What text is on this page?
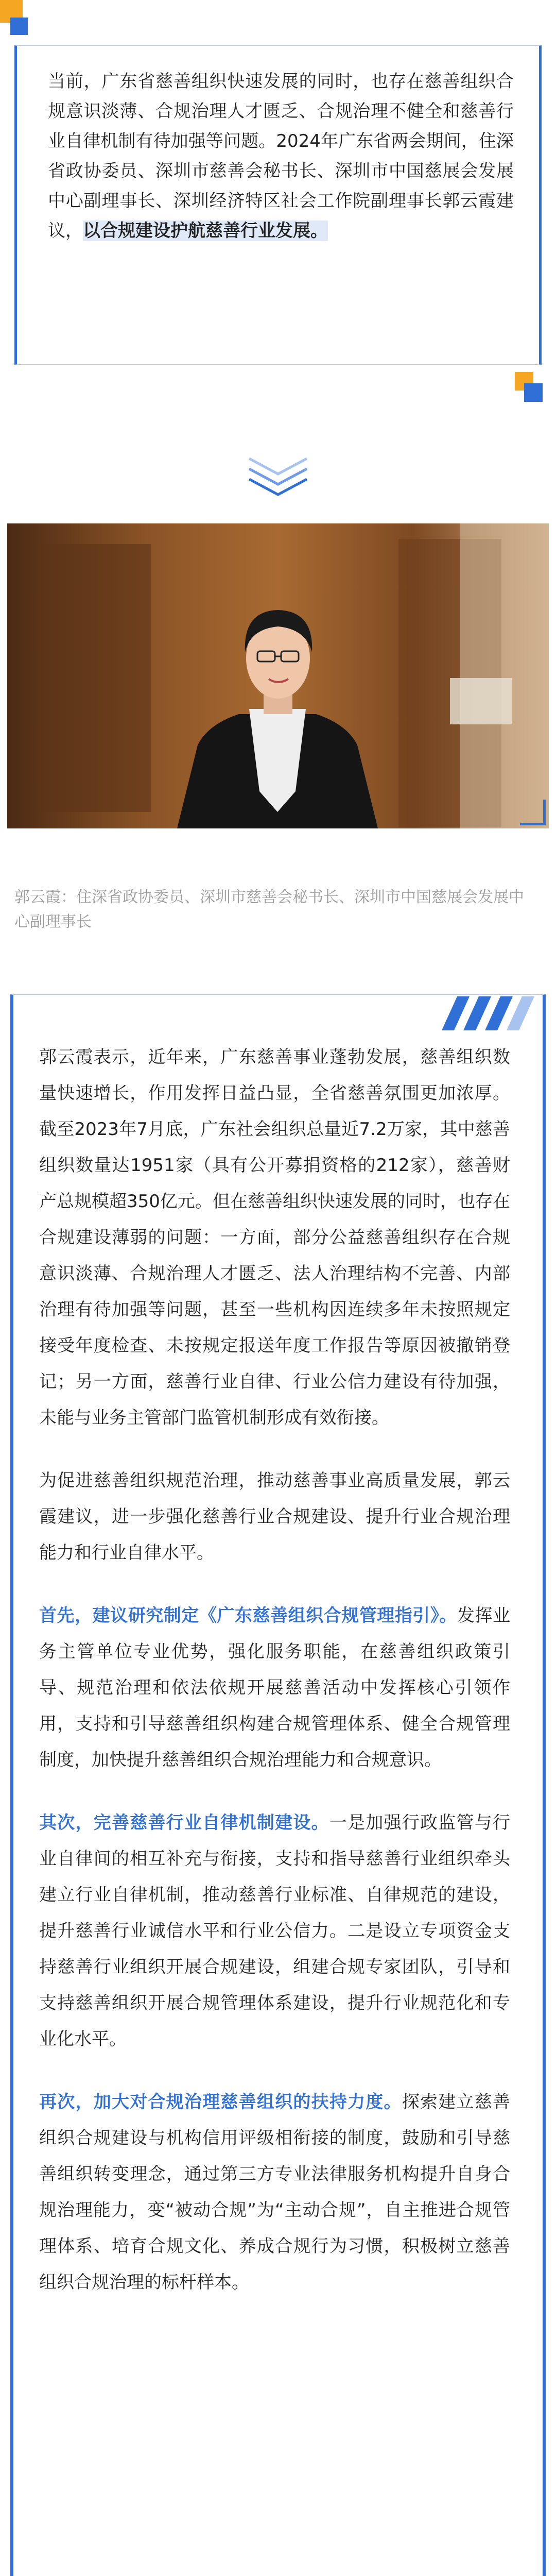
当前，广东省慈善组织快速发展的同时，也存在慈善组织合规意识淡薄、合规治理人才匮乏、合规治理不健全和慈善行业自律机制有待加强等问题。2024年广东省两会期间，住深省政协委员、深圳市慈善会秘书长、深圳市中国慈展会发展中心副理事长、深圳经济特区社会工作院副理事长郭云霞建议，以合规建设护航慈善行业发展。
郭云霞：住深省政协委员、深圳市慈善会秘书长、深圳市中国慈展会发展中心副理事长

郭云霞表示，近年来，广东慈善事业蓬勃发展，慈善组织数量快速增长，作用发挥日益凸显，全省慈善氛围更加浓厚。截至2023年7月底，广东社会组织总量近7.2万家，其中慈善组织数量达1951家（具有公开募捐资格的212家），慈善财产总规模超350亿元。但在慈善组织快速发展的同时，也存在合规建设薄弱的问题：一方面，部分公益慈善组织存在合规意识淡薄、合规治理人才匮乏、法人治理结构不完善、内部治理有待加强等问题，甚至一些机构因连续多年未按照规定接受年度检查、未按规定报送年度工作报告等原因被撤销登记；另一方面，慈善行业自律、行业公信力建设有待加强，未能与业务主管部门监管机制形成有效衔接。

为促进慈善组织规范治理，推动慈善事业高质量发展，郭云霞建议，进一步强化慈善行业合规建设、提升行业合规治理能力和行业自律水平。

首先，建议研究制定《广东慈善组织合规管理指引》。发挥业务主管单位专业优势，强化服务职能，在慈善组织政策引导、规范治理和依法依规开展慈善活动中发挥核心引领作用，支持和引导慈善组织构建合规管理体系、健全合规管理制度，加快提升慈善组织合规治理能力和合规意识。

其次，完善慈善行业自律机制建设。一是加强行政监管与行业自律间的相互补充与衔接，支持和指导慈善行业组织牵头建立行业自律机制，推动慈善行业标准、自律规范的建设，提升慈善行业诚信水平和行业公信力。二是设立专项资金支持慈善行业组织开展合规建设，组建合规专家团队，引导和支持慈善组织开展合规管理体系建设，提升行业规范化和专业化水平。

再次，加大对合规治理慈善组织的扶持力度。探索建立慈善组织合规建设与机构信用评级相衔接的制度，鼓励和引导慈善组织转变理念，通过第三方专业法律服务机构提升自身合规治理能力，变“被动合规”为“主动合规”，自主推进合规管理体系、培育合规文化、养成合规行为习惯，积极树立慈善组织合规治理的标杆样本。
